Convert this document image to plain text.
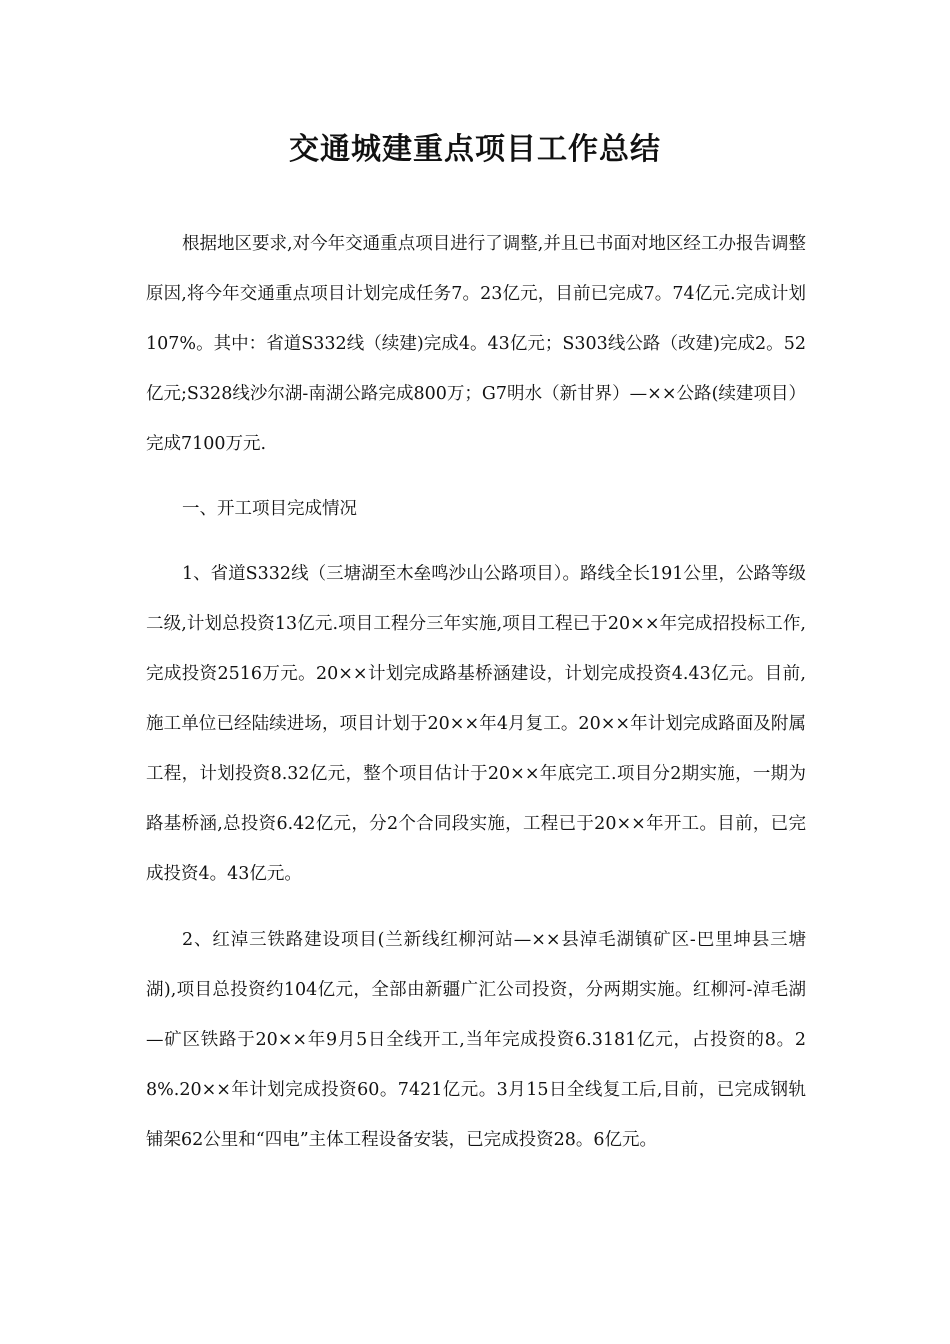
交通城建重点项目工作总结

根据地区要求,对今年交通重点项目进行了调整,并且已书面对地区经工办报告调整原因,将今年交通重点项目计划完成任务7。23亿元，目前已完成7。74亿元.完成计划107%。其中：省道S332线（续建)完成4。43亿元；S303线公路（改建)完成2。52亿元;S328线沙尔湖-南湖公路完成800万；G7明水（新甘界）—××公路(续建项目）完成7100万元.

一、开工项目完成情况

1、省道S332线（三塘湖至木垒鸣沙山公路项目）。路线全长191公里，公路等级二级,计划总投资13亿元.项目工程分三年实施,项目工程已于20××年完成招投标工作,完成投资2516万元。20××计划完成路基桥涵建设，计划完成投资4.43亿元。目前,施工单位已经陆续进场，项目计划于20××年4月复工。20××年计划完成路面及附属工程，计划投资8.32亿元，整个项目估计于20××年底完工.项目分2期实施，一期为路基桥涵,总投资6.42亿元，分2个合同段实施，工程已于20××年开工。目前，已完成投资4。43亿元。

2、红淖三铁路建设项目(兰新线红柳河站—××县淖毛湖镇矿区-巴里坤县三塘湖),项目总投资约104亿元，全部由新疆广汇公司投资，分两期实施。红柳河-淖毛湖—矿区铁路于20××年9月5日全线开工,当年完成投资6.3181亿元，占投资的8。28%.20××年计划完成投资60。7421亿元。3月15日全线复工后,目前，已完成钢轨铺架62公里和“四电”主体工程设备安装，已完成投资28。6亿元。
